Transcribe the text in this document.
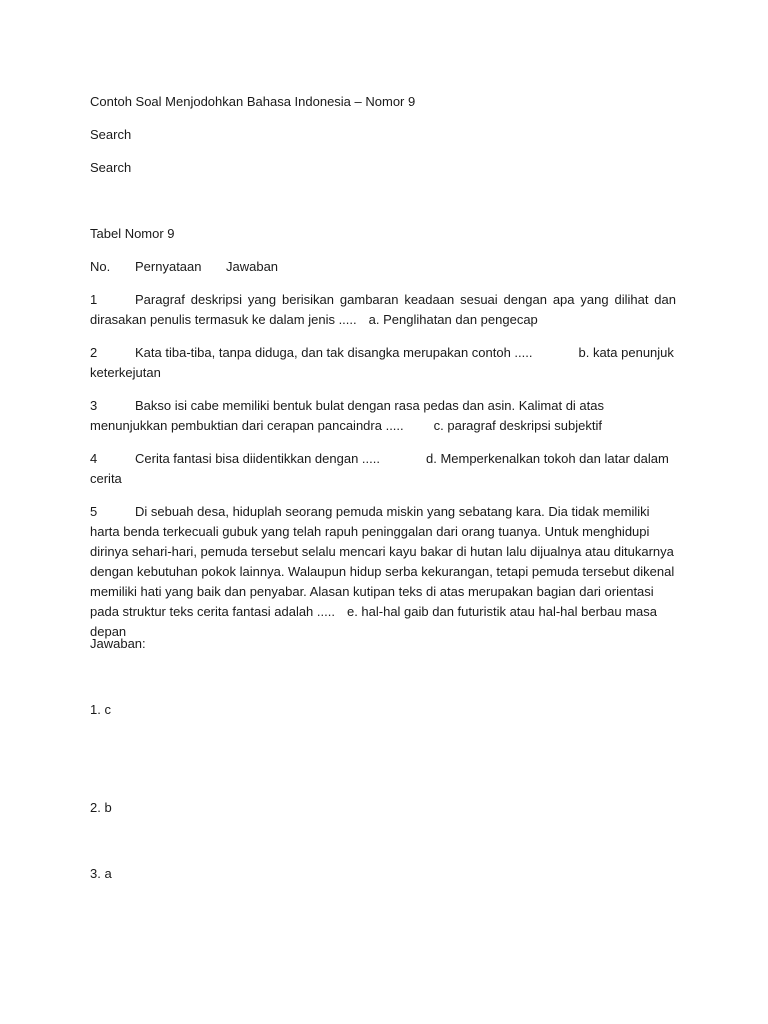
Contoh Soal Menjodohkan Bahasa Indonesia – Nomor 9
Search
Search
Tabel Nomor 9
No. Pernyataan Jawaban
1	Paragraf deskripsi yang berisikan gambaran keadaan sesuai dengan apa yang dilihat dan dirasakan penulis termasuk ke dalam jenis ..... a. Penglihatan dan pengecap
2	Kata tiba-tiba, tanpa diduga, dan tak disangka merupakan contoh .....	b. kata penunjuk keterkejutan
3	Bakso isi cabe memiliki bentuk bulat dengan rasa pedas dan asin. Kalimat di atas menunjukkan pembuktian dari cerapan pancaindra ..... c. paragraf deskripsi subjektif
4	Cerita fantasi bisa diidentikkan dengan .....	d. Memperkenalkan tokoh dan latar dalam cerita
5	Di sebuah desa, hiduplah seorang pemuda miskin yang sebatang kara. Dia tidak memiliki harta benda terkecuali gubuk yang telah rapuh peninggalan dari orang tuanya. Untuk menghidupi dirinya sehari-hari, pemuda tersebut selalu mencari kayu bakar di hutan lalu dijualnya atau ditukarnya dengan kebutuhan pokok lainnya. Walaupun hidup serba kekurangan, tetapi pemuda tersebut dikenal memiliki hati yang baik dan penyabar. Alasan kutipan teks di atas merupakan bagian dari orientasi pada struktur teks cerita fantasi adalah ..... e. hal-hal gaib dan futuristik atau hal-hal berbau masa depan
Jawaban:
1. c
2. b
3. a
